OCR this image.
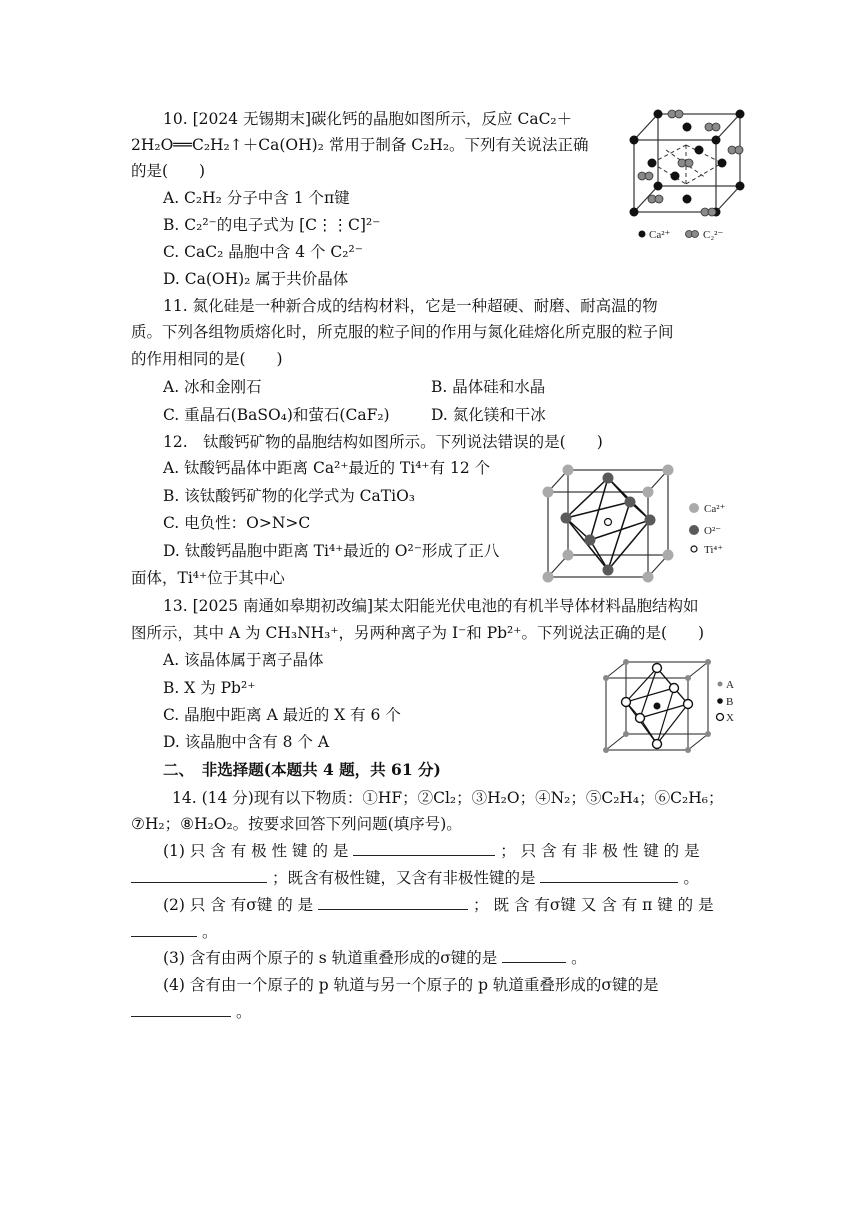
10. [2024 无锡期末]碳化钙的晶胞如图所示，反应 CaC₂＋
2H₂O══C₂H₂↑＋Ca(OH)₂ 常用于制备 C₂H₂。下列有关说法正确
的是(　　)
A. C₂H₂ 分子中含 1 个π键
B. C₂²⁻的电子式为 [C⋮⋮C]²⁻
C. CaC₂ 晶胞中含 4 个 C₂²⁻
D. Ca(OH)₂ 属于共价晶体
Ca²⁺	C₂²⁻
11. 氮化硅是一种新合成的结构材料，它是一种超硬、耐磨、耐高温的物
质。下列各组物质熔化时，所克服的粒子间的作用与氮化硅熔化所克服的粒子间
的作用相同的是(　　)
A. 冰和金刚石	B. 晶体硅和水晶
C. 重晶石(BaSO₄)和萤石(CaF₂)	D. 氮化镁和干冰
12.　钛酸钙矿物的晶胞结构如图所示。下列说法错误的是(　　)
A. 钛酸钙晶体中距离 Ca²⁺最近的 Ti⁴⁺有 12 个
B. 该钛酸钙矿物的化学式为 CaTiO₃
C. 电负性：O>N>C
D. 钛酸钙晶胞中距离 Ti⁴⁺最近的 O²⁻形成了正八
面体，Ti⁴⁺位于其中心
Ca²⁺
O²⁻
Ti⁴⁺
13. [2025 南通如皋期初改编]某太阳能光伏电池的有机半导体材料晶胞结构如
图所示，其中 A 为 CH₃NH₃⁺，另两种离子为 I⁻和 Pb²⁺。下列说法正确的是(　　)
A. 该晶体属于离子晶体
B. X 为 Pb²⁺
C. 晶胞中距离 A 最近的 X 有 6 个
D. 该晶胞中含有 8 个 A
A
B
X
二、　非选择题(本题共 4 题，共 61 分)
14. (14 分)现有以下物质：①HF；②Cl₂；③H₂O；④N₂；⑤C₂H₄；⑥C₂H₆；
⑦H₂；⑧H₂O₂。按要求回答下列问题(填序号)。
(1) 只 含 有 极 性 键 的 是	； 只 含 有 非 极 性 键 的 是
；既含有极性键，又含有非极性键的是	。
(2) 只 含 有σ键 的 是	； 既 含 有σ键 又 含 有 π 键 的 是
。
(3) 含有由两个原子的 s 轨道重叠形成的σ键的是	。
(4) 含有由一个原子的 p 轨道与另一个原子的 p 轨道重叠形成的σ键的是
。
